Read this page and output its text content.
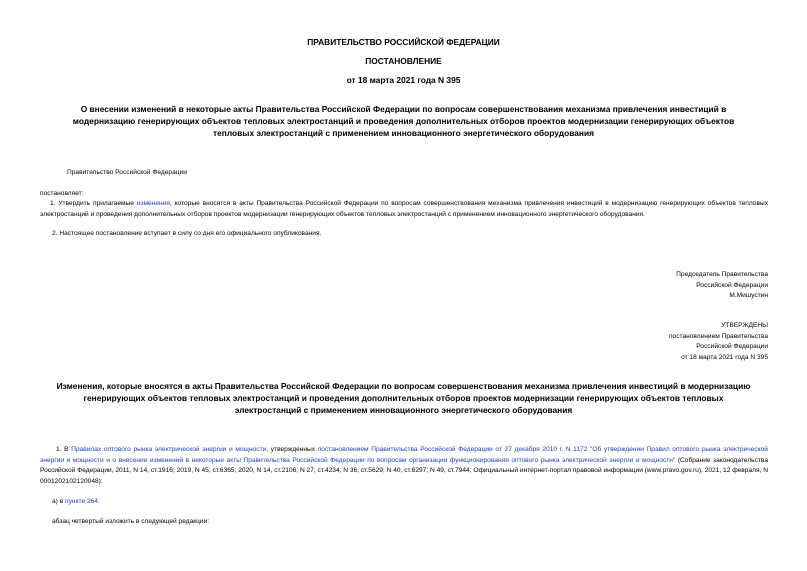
ПРАВИТЕЛЬСТВО РОССИЙСКОЙ ФЕДЕРАЦИИ
ПОСТАНОВЛЕНИЕ
от 18 марта 2021 года N 395
О внесении изменений в некоторые акты Правительства Российской Федерации по вопросам совершенствования механизма привлечения инвестиций в модернизацию генерирующих объектов тепловых электростанций и проведения дополнительных отборов проектов модернизации генерирующих объектов тепловых электростанций с применением инновационного энергетического оборудования
Правительство Российской Федерации
постановляет:
1. Утвердить прилагаемые изменения, которые вносятся в акты Правительства Российской Федерации по вопросам совершенствования механизма привлечения инвестиций в модернизацию генерирующих объектов тепловых электростанций и проведения дополнительных отборов проектов модернизации генерирующих объектов тепловых электростанций с применением инновационного энергетического оборудования.
2. Настоящее постановление вступает в силу со дня его официального опубликования.
Председатель Правительства
Российской Федерации
М.Мишустин
УТВЕРЖДЕНЫ
постановлением Правительства
Российской Федерации
от 18 марта 2021 года N 395
Изменения, которые вносятся в акты Правительства Российской Федерации по вопросам совершенствования механизма привлечения инвестиций в модернизацию генерирующих объектов тепловых электростанций и проведения дополнительных отборов проектов модернизации генерирующих объектов тепловых электростанций с применением инновационного энергетического оборудования
1. В Правилах оптового рынка электрической энергии и мощности, утвержденных постановлением Правительства Российской Федерации от 27 декабря 2010 г. N 1172 "Об утверждении Правил оптового рынка электрической энергии и мощности и о внесении изменений в некоторые акты Правительства Российской Федерации по вопросам организации функционирования оптового рынка электрической энергии и мощности" (Собрание законодательства Российской Федерации, 2011, N 14, ст.1916; 2019, N 45, ст.6365; 2020, N 14, ст.2106; N 27, ст.4234; N 36, ст.5629; N 40, ст.6297; N 49, ст.7944; Официальный интернет-портал правовой информации (www.pravo.gov.ru), 2021, 12 февраля, N 0001202102120048):
а) в пункте 264:
абзац четвертый изложить в следующей редакции:
